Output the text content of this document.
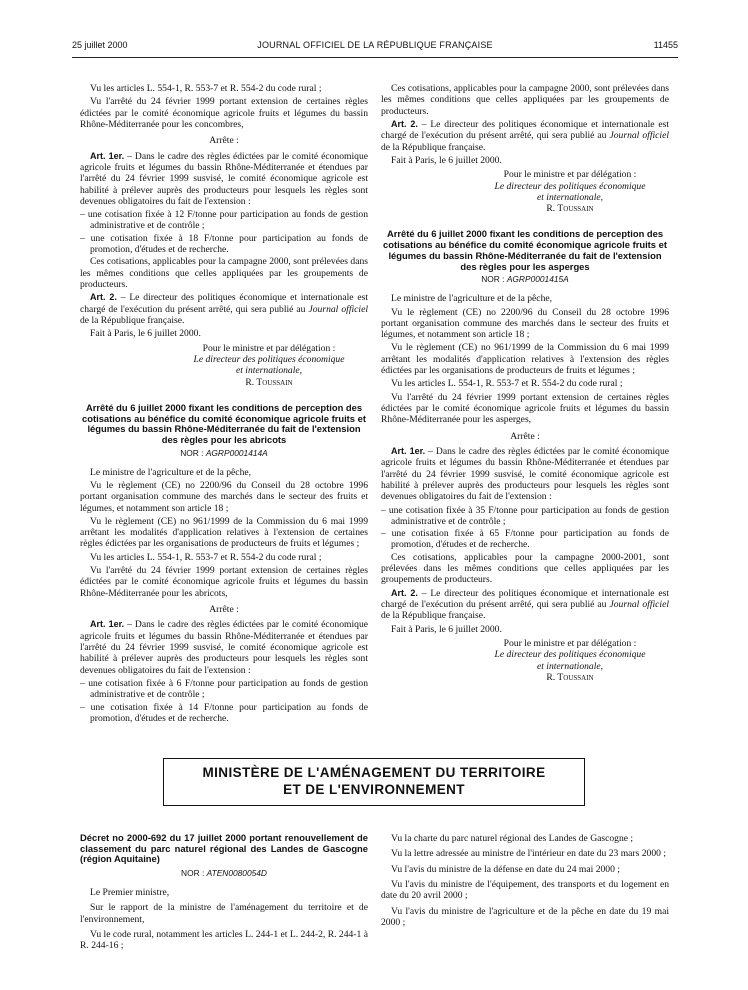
25 juillet 2000	JOURNAL OFFICIEL DE LA RÉPUBLIQUE FRANÇAISE	11455

Vu les articles L. 554-1, R. 553-7 et R. 554-2 du code rural ;

Vu l'arrêté du 24 février 1999 portant extension de certaines règles édictées par le comité économique agricole fruits et légumes du bassin Rhône-Méditerranée pour les concombres,

Arrête :

Art. 1er. – Dans le cadre des règles édictées par le comité économique agricole fruits et légumes du bassin Rhône-Méditerranée et étendues par l'arrêté du 24 février 1999 susvisé, le comité économique agricole est habilité à prélever auprès des producteurs pour lesquels les règles sont devenues obligatoires du fait de l'extension :

– une cotisation fixée à 12 F/tonne pour participation au fonds de gestion administrative et de contrôle ;

– une cotisation fixée à 18 F/tonne pour participation au fonds de promotion, d'études et de recherche.

Ces cotisations, applicables pour la campagne 2000, sont prélevées dans les mêmes conditions que celles appliquées par les groupements de producteurs.

Art. 2. – Le directeur des politiques économique et internationale est chargé de l'exécution du présent arrêté, qui sera publié au Journal officiel de la République française.

Fait à Paris, le 6 juillet 2000.

Pour le ministre et par délégation :
Le directeur des politiques économique
et internationale,
R. Toussain

Arrêté du 6 juillet 2000 fixant les conditions de perception des cotisations au bénéfice du comité économique agricole fruits et légumes du bassin Rhône-Méditerranée du fait de l'extension des règles pour les abricots

NOR : AGRP0001414A

Le ministre de l'agriculture et de la pêche,

Vu le règlement (CE) no 2200/96 du Conseil du 28 octobre 1996 portant organisation commune des marchés dans le secteur des fruits et légumes, et notamment son article 18 ;

Vu le règlement (CE) no 961/1999 de la Commission du 6 mai 1999 arrêtant les modalités d'application relatives à l'extension de certaines règles édictées par les organisations de producteurs de fruits et légumes ;

Vu les articles L. 554-1, R. 553-7 et R. 554-2 du code rural ;

Vu l'arrêté du 24 février 1999 portant extension de certaines règles édictées par le comité économique agricole fruits et légumes du bassin Rhône-Méditerranée pour les abricots,

Arrête :

Art. 1er. – Dans le cadre des règles édictées par le comité économique agricole fruits et légumes du bassin Rhône-Méditerranée et étendues par l'arrêté du 24 février 1999 susvisé, le comité économique agricole est habilité à prélever auprès des producteurs pour lesquels les règles sont devenues obligatoires du fait de l'extension :

– une cotisation fixée à 6 F/tonne pour participation au fonds de gestion administrative et de contrôle ;

– une cotisation fixée à 14 F/tonne pour participation au fonds de promotion, d'études et de recherche.

Ces cotisations, applicables pour la campagne 2000, sont prélevées dans les mêmes conditions que celles appliquées par les groupements de producteurs.

Art. 2. – Le directeur des politiques économique et internationale est chargé de l'exécution du présent arrêté, qui sera publié au Journal officiel de la République française.

Fait à Paris, le 6 juillet 2000.

Pour le ministre et par délégation :
Le directeur des politiques économique
et internationale,
R. Toussain

Arrêté du 6 juillet 2000 fixant les conditions de perception des cotisations au bénéfice du comité économique agricole fruits et légumes du bassin Rhône-Méditerranée du fait de l'extension des règles pour les asperges

NOR : AGRP0001415A

Le ministre de l'agriculture et de la pêche,

Vu le règlement (CE) no 2200/96 du Conseil du 28 octobre 1996 portant organisation commune des marchés dans le secteur des fruits et légumes, et notamment son article 18 ;

Vu le règlement (CE) no 961/1999 de la Commission du 6 mai 1999 arrêtant les modalités d'application relatives à l'extension des règles édictées par les organisations de producteurs de fruits et légumes ;

Vu les articles L. 554-1, R. 553-7 et R. 554-2 du code rural ;

Vu l'arrêté du 24 février 1999 portant extension de certaines règles édictées par le comité économique agricole fruits et légumes du bassin Rhône-Méditerranée pour les asperges,

Arrête :

Art. 1er. – Dans le cadre des règles édictées par le comité économique agricole fruits et légumes du bassin Rhône-Méditerranée et étendues par l'arrêté du 24 février 1999 susvisé, le comité économique agricole est habilité à prélever auprès des producteurs pour lesquels les règles sont devenues obligatoires du fait de l'extension :

– une cotisation fixée à 35 F/tonne pour participation au fonds de gestion administrative et de contrôle ;

– une cotisation fixée à 65 F/tonne pour participation au fonds de promotion, d'études et de recherche.

Ces cotisations, applicables pour la campagne 2000-2001, sont prélevées dans les mêmes conditions que celles appliquées par les groupements de producteurs.

Art. 2. – Le directeur des politiques économique et internationale est chargé de l'exécution du présent arrêté, qui sera publié au Journal officiel de la République française.

Fait à Paris, le 6 juillet 2000.

Pour le ministre et par délégation :
Le directeur des politiques économique
et internationale,
R. Toussain
MINISTÈRE DE L'AMÉNAGEMENT DU TERRITOIRE
ET DE L'ENVIRONNEMENT

Décret no 2000-692 du 17 juillet 2000 portant renouvellement de classement du parc naturel régional des Landes de Gascogne (région Aquitaine)

NOR : ATEN0080054D

Le Premier ministre,

Sur le rapport de la ministre de l'aménagement du territoire et de l'environnement,

Vu le code rural, notamment les articles L. 244-1 et L. 244-2, R. 244-1 à R. 244-16 ;

Vu la charte du parc naturel régional des Landes de Gascogne ;

Vu la lettre adressée au ministre de l'intérieur en date du 23 mars 2000 ;

Vu l'avis du ministre de la défense en date du 24 mai 2000 ;

Vu l'avis du ministre de l'équipement, des transports et du logement en date du 20 avril 2000 ;

Vu l'avis du ministre de l'agriculture et de la pêche en date du 19 mai 2000 ;
